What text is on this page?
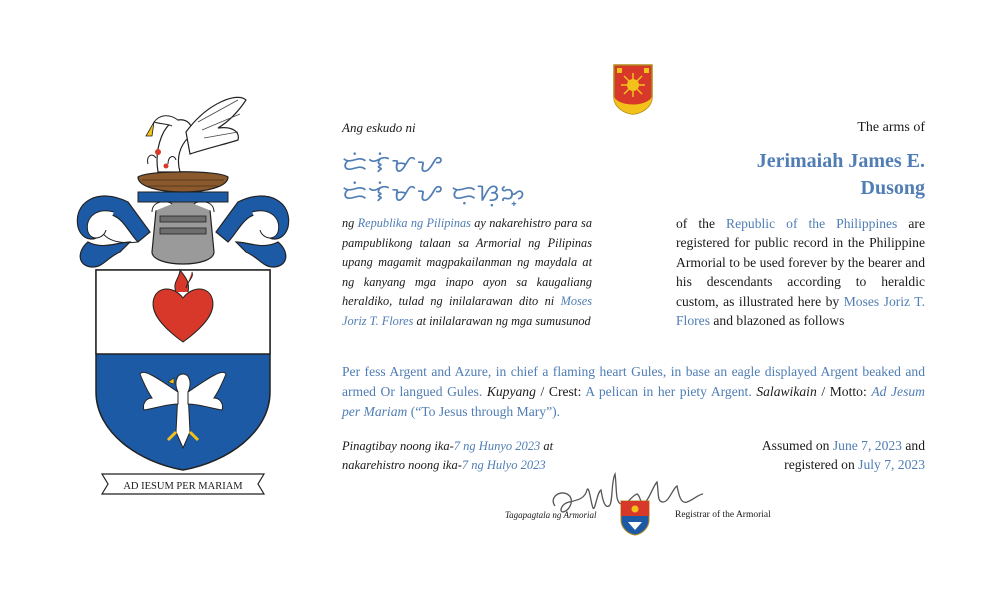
AD IESUM PER MARIAM
Ang eskudo ni
ᜇᜒᜎᜒᜋᜌ ᜇᜒᜎᜒᜋᜌ ᜇᜓᜐᜓᜅ᜔
ng Republika ng Pilipinas ay nakarehistro para sa pampublikong talaan sa Armorial ng Pilipinas upang magamit magpakailanman ng maydala at ng kanyang mga inapo ayon sa kaugaliang heraldiko, tulad ng inilalarawan dito ni Moses Joriz T. Flores at inilalarawan ng mga sumusunod
Pinagtibay noong ika-7 ng Hunyo 2023 at
nakarehistro noong ika-7 ng Hulyo 2023
The arms of
Jerimaiah James E.
Dusong
of the Republic of the Philippines are registered for public record in the Philippine Armorial to be used forever by the bearer and his descendants according to heraldic custom, as illustrated here by Moses Joriz T. Flores and blazoned as follows
Per fess Argent and Azure, in chief a flaming heart Gules, in base an eagle displayed Argent beaked and armed Or langued Gules. Kupyang / Crest: A pelican in her piety Argent. Salawikain / Motto: Ad Jesum per Mariam (“To Jesus through Mary”).
Assumed on June 7, 2023 and
registered on July 7, 2023
Tagapagtala ng Armorial	Registrar of the Armorial
